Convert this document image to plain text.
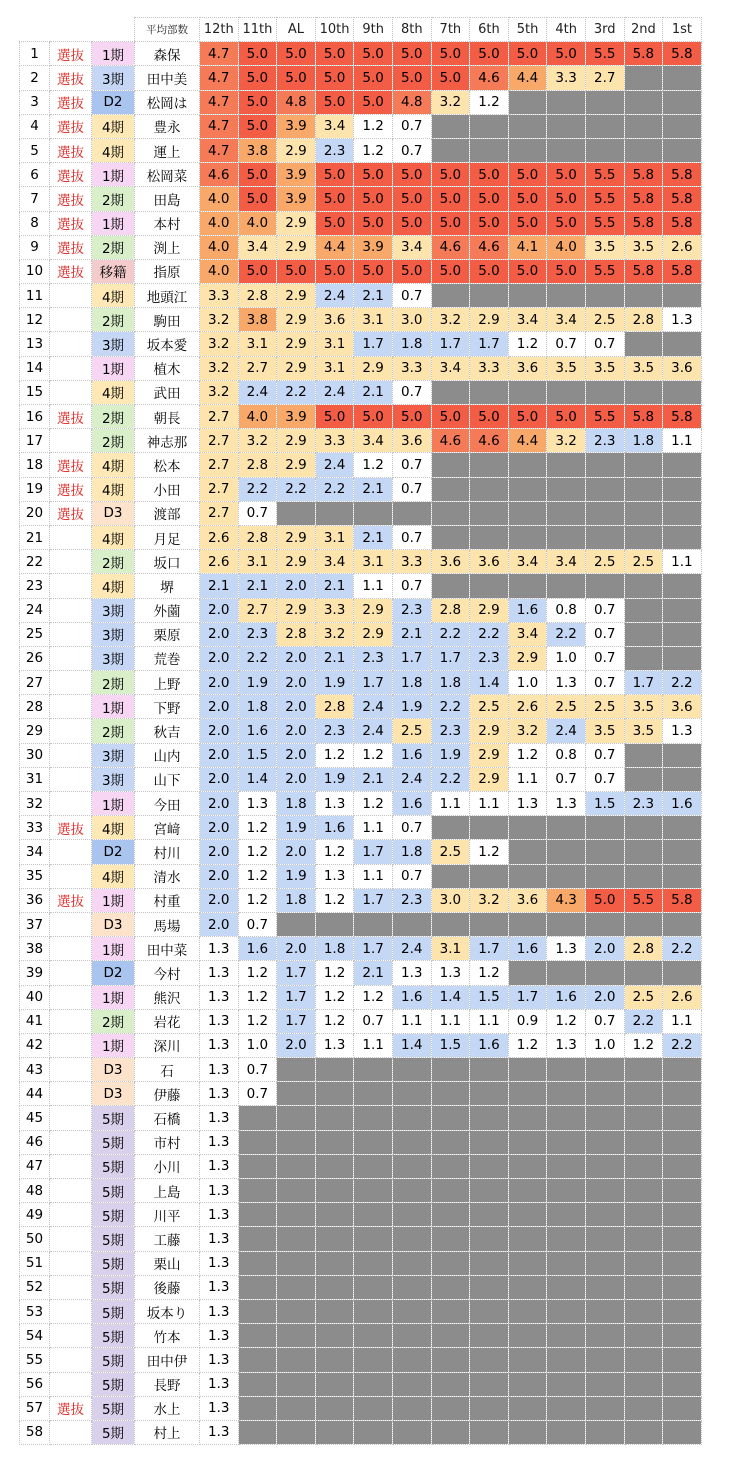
			平均部数	12th	11th	AL	10th	9th	8th	7th	6th	5th	4th	3rd	2nd	1st
1	選抜	1期	森保	4.7	5.0	5.0	5.0	5.0	5.0	5.0	5.0	5.0	5.0	5.5	5.8	5.8
2	選抜	3期	田中美	4.7	5.0	5.0	5.0	5.0	5.0	5.0	4.6	4.4	3.3	2.7		
3	選抜	D2	松岡は	4.7	5.0	4.8	5.0	5.0	4.8	3.2	1.2					
4	選抜	4期	豊永	4.7	5.0	3.9	3.4	1.2	0.7							
5	選抜	4期	運上	4.7	3.8	2.9	2.3	1.2	0.7							
6	選抜	1期	松岡菜	4.6	5.0	3.9	5.0	5.0	5.0	5.0	5.0	5.0	5.0	5.5	5.8	5.8
7	選抜	2期	田島	4.0	5.0	3.9	5.0	5.0	5.0	5.0	5.0	5.0	5.0	5.5	5.8	5.8
8	選抜	1期	本村	4.0	4.0	2.9	5.0	5.0	5.0	5.0	5.0	5.0	5.0	5.5	5.8	5.8
9	選抜	2期	渕上	4.0	3.4	2.9	4.4	3.9	3.4	4.6	4.6	4.1	4.0	3.5	3.5	2.6
10	選抜	移籍	指原	4.0	5.0	5.0	5.0	5.0	5.0	5.0	5.0	5.0	5.0	5.5	5.8	5.8
11		4期	地頭江	3.3	2.8	2.9	2.4	2.1	0.7							
12		2期	駒田	3.2	3.8	2.9	3.6	3.1	3.0	3.2	2.9	3.4	3.4	2.5	2.8	1.3
13		3期	坂本愛	3.2	3.1	2.9	3.1	1.7	1.8	1.7	1.7	1.2	0.7	0.7		
14		1期	植木	3.2	2.7	2.9	3.1	2.9	3.3	3.4	3.3	3.6	3.5	3.5	3.5	3.6
15		4期	武田	3.2	2.4	2.2	2.4	2.1	0.7							
16	選抜	2期	朝長	2.7	4.0	3.9	5.0	5.0	5.0	5.0	5.0	5.0	5.0	5.5	5.8	5.8
17		2期	神志那	2.7	3.2	2.9	3.3	3.4	3.6	4.6	4.6	4.4	3.2	2.3	1.8	1.1
18	選抜	4期	松本	2.7	2.8	2.9	2.4	1.2	0.7							
19	選抜	4期	小田	2.7	2.2	2.2	2.2	2.1	0.7							
20	選抜	D3	渡部	2.7	0.7											
21		4期	月足	2.6	2.8	2.9	3.1	2.1	0.7							
22		2期	坂口	2.6	3.1	2.9	3.4	3.1	3.3	3.6	3.6	3.4	3.4	2.5	2.5	1.1
23		4期	堺	2.1	2.1	2.0	2.1	1.1	0.7							
24		3期	外薗	2.0	2.7	2.9	3.3	2.9	2.3	2.8	2.9	1.6	0.8	0.7		
25		3期	栗原	2.0	2.3	2.8	3.2	2.9	2.1	2.2	2.2	3.4	2.2	0.7		
26		3期	荒巻	2.0	2.2	2.0	2.1	2.3	1.7	1.7	2.3	2.9	1.0	0.7		
27		2期	上野	2.0	1.9	2.0	1.9	1.7	1.8	1.8	1.4	1.0	1.3	0.7	1.7	2.2
28		1期	下野	2.0	1.8	2.0	2.8	2.4	1.9	2.2	2.5	2.6	2.5	2.5	3.5	3.6
29		2期	秋吉	2.0	1.6	2.0	2.3	2.4	2.5	2.3	2.9	3.2	2.4	3.5	3.5	1.3
30		3期	山内	2.0	1.5	2.0	1.2	1.2	1.6	1.9	2.9	1.2	0.8	0.7		
31		3期	山下	2.0	1.4	2.0	1.9	2.1	2.4	2.2	2.9	1.1	0.7	0.7		
32		1期	今田	2.0	1.3	1.8	1.3	1.2	1.6	1.1	1.1	1.3	1.3	1.5	2.3	1.6
33	選抜	4期	宮﨑	2.0	1.2	1.9	1.6	1.1	0.7							
34		D2	村川	2.0	1.2	2.0	1.2	1.7	1.8	2.5	1.2					
35		4期	清水	2.0	1.2	1.9	1.3	1.1	0.7							
36	選抜	1期	村重	2.0	1.2	1.8	1.2	1.7	2.3	3.0	3.2	3.6	4.3	5.0	5.5	5.8
37		D3	馬場	2.0	0.7											
38		1期	田中菜	1.3	1.6	2.0	1.8	1.7	2.4	3.1	1.7	1.6	1.3	2.0	2.8	2.2
39		D2	今村	1.3	1.2	1.7	1.2	2.1	1.3	1.3	1.2					
40		1期	熊沢	1.3	1.2	1.7	1.2	1.2	1.6	1.4	1.5	1.7	1.6	2.0	2.5	2.6
41		2期	岩花	1.3	1.2	1.7	1.2	0.7	1.1	1.1	1.1	0.9	1.2	0.7	2.2	1.1
42		1期	深川	1.3	1.0	2.0	1.3	1.1	1.4	1.5	1.6	1.2	1.3	1.0	1.2	2.2
43		D3	石	1.3	0.7											
44		D3	伊藤	1.3	0.7											
45		5期	石橋	1.3												
46		5期	市村	1.3												
47		5期	小川	1.3												
48		5期	上島	1.3												
49		5期	川平	1.3												
50		5期	工藤	1.3												
51		5期	栗山	1.3												
52		5期	後藤	1.3												
53		5期	坂本り	1.3												
54		5期	竹本	1.3												
55		5期	田中伊	1.3												
56		5期	長野	1.3												
57	選抜	5期	水上	1.3												
58		5期	村上	1.3												
